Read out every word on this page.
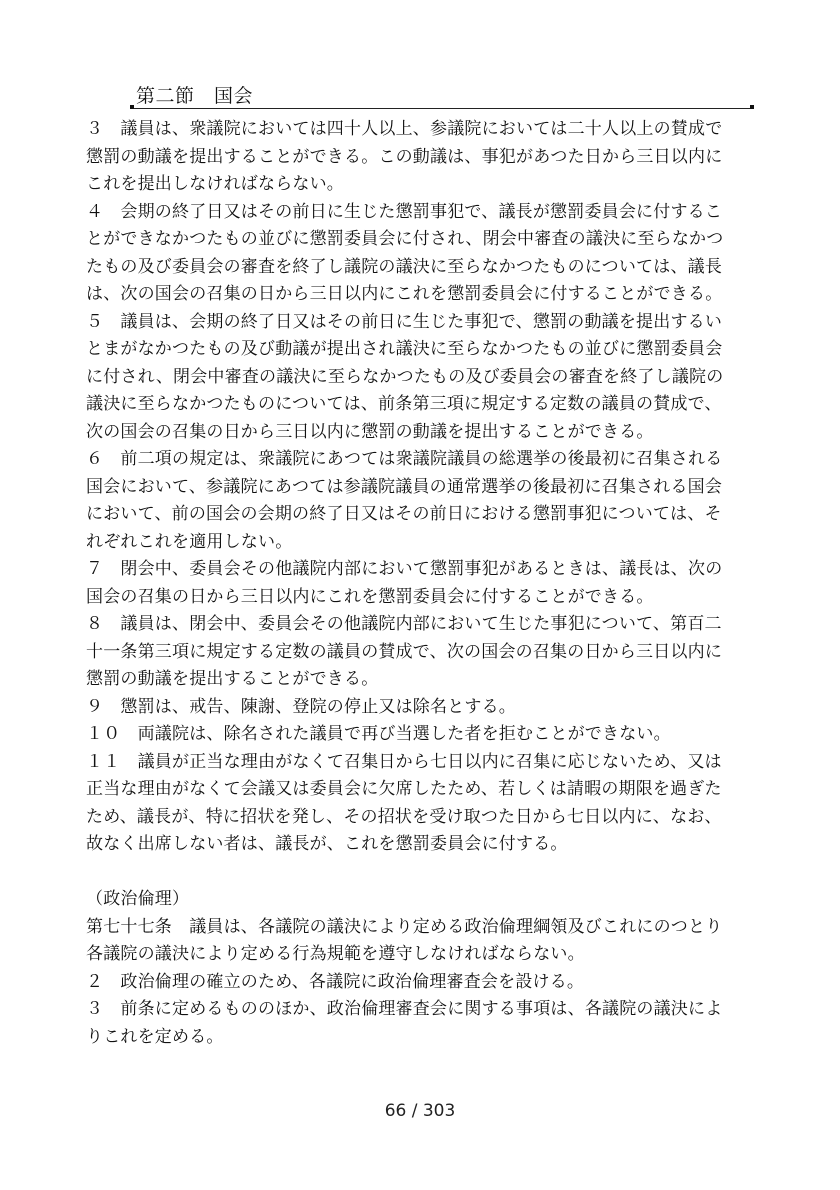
第二節　国会
３　議員は、衆議院においては四十人以上、参議院においては二十人以上の賛成で
懲罰の動議を提出することができる。この動議は、事犯があつた日から三日以内に
これを提出しなければならない。
４　会期の終了日又はその前日に生じた懲罰事犯で、議長が懲罰委員会に付するこ
とができなかつたもの並びに懲罰委員会に付され、閉会中審査の議決に至らなかつ
たもの及び委員会の審査を終了し議院の議決に至らなかつたものについては、議長
は、次の国会の召集の日から三日以内にこれを懲罰委員会に付することができる。
５　議員は、会期の終了日又はその前日に生じた事犯で、懲罰の動議を提出するい
とまがなかつたもの及び動議が提出され議決に至らなかつたもの並びに懲罰委員会
に付され、閉会中審査の議決に至らなかつたもの及び委員会の審査を終了し議院の
議決に至らなかつたものについては、前条第三項に規定する定数の議員の賛成で、
次の国会の召集の日から三日以内に懲罰の動議を提出することができる。
６　前二項の規定は、衆議院にあつては衆議院議員の総選挙の後最初に召集される
国会において、参議院にあつては参議院議員の通常選挙の後最初に召集される国会
において、前の国会の会期の終了日又はその前日における懲罰事犯については、そ
れぞれこれを適用しない。
７　閉会中、委員会その他議院内部において懲罰事犯があるときは、議長は、次の
国会の召集の日から三日以内にこれを懲罰委員会に付することができる。
８　議員は、閉会中、委員会その他議院内部において生じた事犯について、第百二
十一条第三項に規定する定数の議員の賛成で、次の国会の召集の日から三日以内に
懲罰の動議を提出することができる。
９　懲罰は、戒告、陳謝、登院の停止又は除名とする。
１０　両議院は、除名された議員で再び当選した者を拒むことができない。
１１　議員が正当な理由がなくて召集日から七日以内に召集に応じないため、又は
正当な理由がなくて会議又は委員会に欠席したため、若しくは請暇の期限を過ぎた
ため、議長が、特に招状を発し、その招状を受け取つた日から七日以内に、なお、
故なく出席しない者は、議長が、これを懲罰委員会に付する。
（政治倫理）
第七十七条　議員は、各議院の議決により定める政治倫理綱領及びこれにのつとり
各議院の議決により定める行為規範を遵守しなければならない。
２　政治倫理の確立のため、各議院に政治倫理審査会を設ける。
３　前条に定めるもののほか、政治倫理審査会に関する事項は、各議院の議決によ
りこれを定める。
66 / 303
